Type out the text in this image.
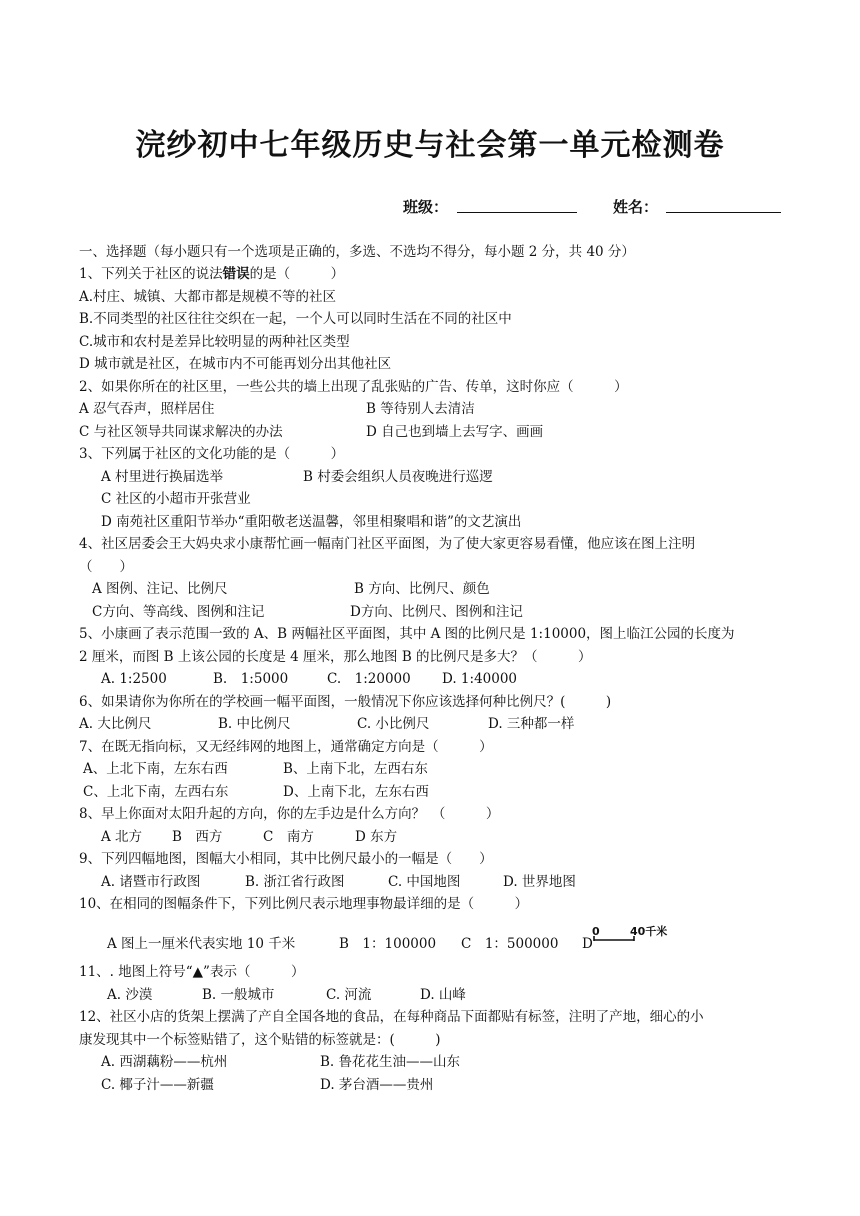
浣纱初中七年级历史与社会第一单元检测卷
班级：	姓名：
一、选择题（每小题只有一个选项是正确的，多选、不选均不得分，每小题 2 分，共 40 分）
1、下列关于社区的说法错误的是（　　　）
A.村庄、城镇、大都市都是规模不等的社区
B.不同类型的社区往往交织在一起，一个人可以同时生活在不同的社区中
C.城市和农村是差异比较明显的两种社区类型
D 城市就是社区，在城市内不可能再划分出其他社区
2、如果你所在的社区里，一些公共的墙上出现了乱张贴的广告、传单，这时你应（　　　）
A 忍气吞声，照样居住	B 等待别人去清洁
C 与社区领导共同谋求解决的办法	D 自己也到墙上去写字、画画
3、下列属于社区的文化功能的是（　　　）
A 村里进行换届选举	B 村委会组织人员夜晚进行巡逻
C 社区的小超市开张营业
D 南苑社区重阳节举办“重阳敬老送温馨，邻里相聚唱和谐”的文艺演出
4、社区居委会王大妈央求小康帮忙画一幅南门社区平面图，为了使大家更容易看懂，他应该在图上注明
（　　）
A 图例、注记、比例尺	B 方向、比例尺、颜色
C方向、等高线、图例和注记	D方向、比例尺、图例和注记
5、小康画了表示范围一致的 A、B 两幅社区平面图，其中 A 图的比例尺是 1:10000，图上临江公园的长度为
2 厘米，而图 B 上该公园的长度是 4 厘米，那么地图 B 的比例尺是多大？（　　　）
A. 1:2500	B.　1:5000	C.　1:20000 D. 1:40000
6、如果请你为你所在的学校画一幅平面图，一般情况下你应该选择何种比例尺？(　　　)
A. 大比例尺	B. 中比例尺	C. 小比例尺	D. 三种都一样
7、在既无指向标，又无经纬网的地图上，通常确定方向是（　　　）
A、上北下南，左东右西	B、上南下北，左西右东
C、上北下南，左西右东	D、上南下北，左东右西
8、早上你面对太阳升起的方向，你的左手边是什么方向？　（　　　）
A 北方 B　西方	C　南方	D 东方
9、下列四幅地图，图幅大小相同，其中比例尺最小的一幅是（　　）
A. 诸暨市行政图	B. 浙江省行政图	C. 中国地图	D. 世界地图
10、在相同的图幅条件下，下列比例尺表示地理事物最详细的是（　　　）
A 图上一厘米代表实地 10 千米	B　1：100000 C　1：500000 D
0	40千米
11、. 地图上符号“▲”表示（　　　）
A. 沙漠	B. 一般城市	C. 河流	D. 山峰
12、社区小店的货架上摆满了产自全国各地的食品，在每种商品下面都贴有标签，注明了产地，细心的小
康发现其中一个标签贴错了，这个贴错的标签就是：(　　　)
A. 西湖藕粉——杭州	B. 鲁花花生油——山东
C. 椰子汁——新疆	D. 茅台酒——贵州
